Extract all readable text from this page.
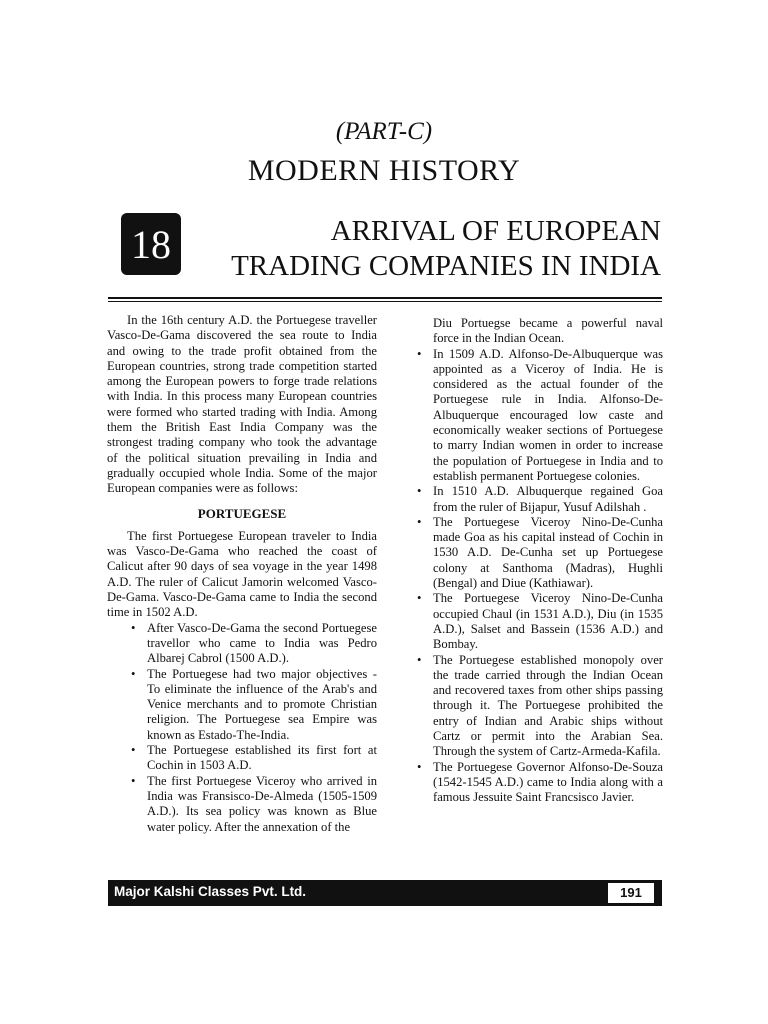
(PART-C)
MODERN HISTORY
18	ARRIVAL OF EUROPEAN
TRADING COMPANIES IN INDIA

In the 16th century A.D. the Portuegese traveller Vasco-De-Gama discovered the sea route to India and owing to the trade profit obtained from the European countries, strong trade competition started among the European powers to forge trade relations with India. In this process many European countries were formed who started trading with India. Among them the British East India Company was the strongest trading company who took the advantage of the political situation prevailing in India and gradually occupied whole India. Some of the major European companies were as follows:

PORTUEGESE

The first Portuegese European traveler to India was Vasco-De-Gama who reached the coast of Calicut after 90 days of sea voyage in the year 1498 A.D. The ruler of Calicut Jamorin welcomed Vasco-De-Gama. Vasco-De-Gama came to India the second time in 1502 A.D.

• After Vasco-De-Gama the second Portuegese travellor who came to India was Pedro Albarej Cabrol (1500 A.D.).
• The Portuegese had two major objectives - To eliminate the influence of the Arab's and Venice merchants and to promote Christian religion. The Portuegese sea Empire was known as Estado-The-India.
• The Portuegese established its first fort at Cochin in 1503 A.D.
• The first Portuegese Viceroy who arrived in India was Fransisco-De-Almeda (1505-1509 A.D.). Its sea policy was known as Blue water policy. After the annexation of the

Diu Portuegse became a powerful naval force in the Indian Ocean.

• In 1509 A.D. Alfonso-De-Albuquerque was appointed as a Viceroy of India. He is considered as the actual founder of the Portuegese rule in India. Alfonso-De-Albuquerque encouraged low caste and economically weaker sections of Portuegese to marry Indian women in order to increase the population of Portuegese in India and to establish permanent Portuegese colonies.
• In 1510 A.D. Albuquerque regained Goa from the ruler of Bijapur, Yusuf Adilshah .
• The Portuegese Viceroy Nino-De-Cunha made Goa as his capital instead of Cochin in 1530 A.D. De-Cunha set up Portuegese colony at Santhoma (Madras), Hughli (Bengal) and Diue (Kathiawar).
• The Portuegese Viceroy Nino-De-Cunha occupied Chaul (in 1531 A.D.), Diu (in 1535 A.D.), Salset and Bassein (1536 A.D.) and Bombay.
• The Portuegese established monopoly over the trade carried through the Indian Ocean and recovered taxes from other ships passing through it. The Portuegese prohibited the entry of Indian and Arabic ships without Cartz or permit into the Arabian Sea. Through the system of Cartz-Armeda-Kafila.
• The Portuegese Governor Alfonso-De-Souza (1542-1545 A.D.) came to India along with a famous Jessuite Saint Francsisco Javier.
Major Kalshi Classes Pvt. Ltd.	191
